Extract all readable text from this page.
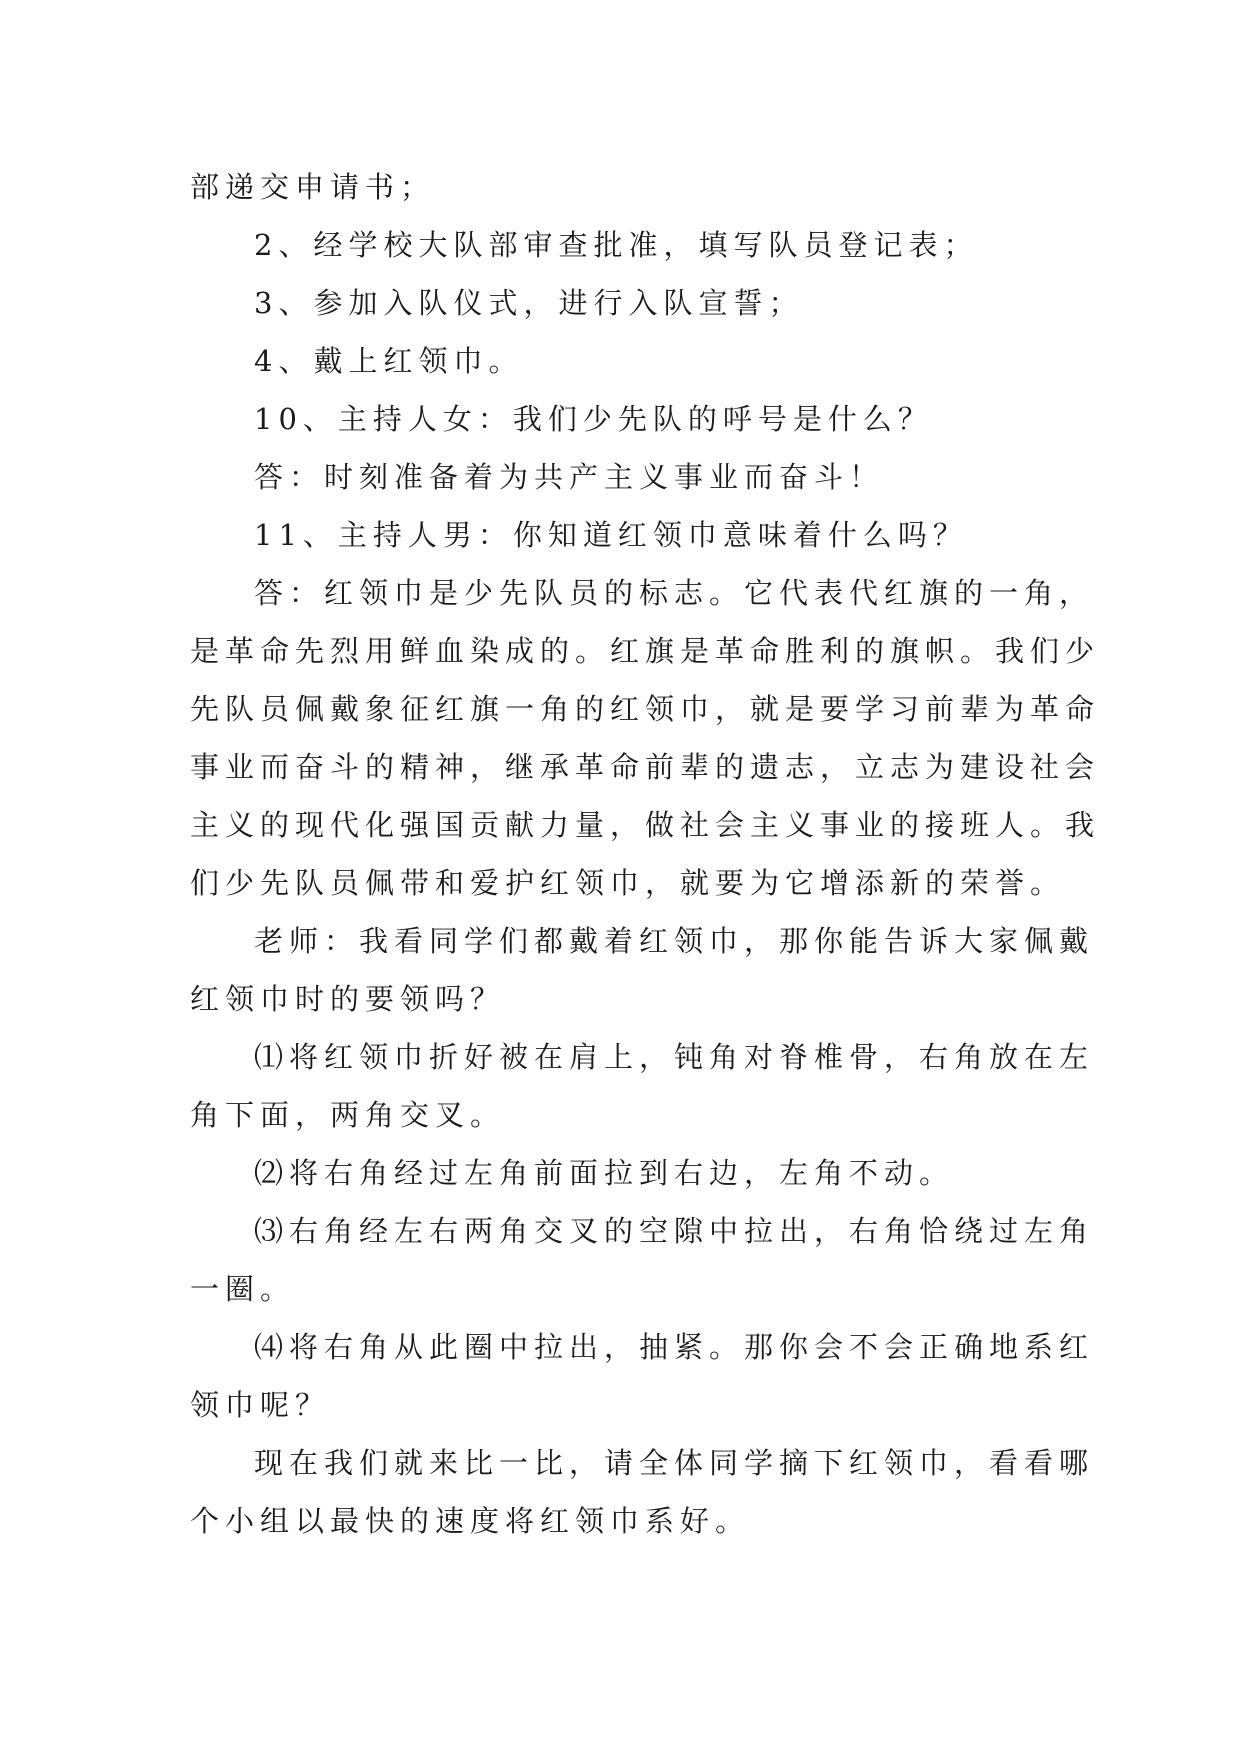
部递交申请书；
2、经学校大队部审查批准，填写队员登记表；
3、参加入队仪式，进行入队宣誓；
4、戴上红领巾。
10、主持人女：我们少先队的呼号是什么？
答：时刻准备着为共产主义事业而奋斗！
11、主持人男：你知道红领巾意味着什么吗？
答：红领巾是少先队员的标志。它代表代红旗的一角，
是革命先烈用鲜血染成的。红旗是革命胜利的旗帜。我们少
先队员佩戴象征红旗一角的红领巾，就是要学习前辈为革命
事业而奋斗的精神，继承革命前辈的遗志，立志为建设社会
主义的现代化强国贡献力量，做社会主义事业的接班人。我
们少先队员佩带和爱护红领巾，就要为它增添新的荣誉。
老师：我看同学们都戴着红领巾，那你能告诉大家佩戴
红领巾时的要领吗？
⑴将红领巾折好被在肩上，钝角对脊椎骨，右角放在左
角下面，两角交叉。
⑵将右角经过左角前面拉到右边，左角不动。
⑶右角经左右两角交叉的空隙中拉出，右角恰绕过左角
一圈。
⑷将右角从此圈中拉出，抽紧。那你会不会正确地系红
领巾呢？
现在我们就来比一比，请全体同学摘下红领巾，看看哪
个小组以最快的速度将红领巾系好。
